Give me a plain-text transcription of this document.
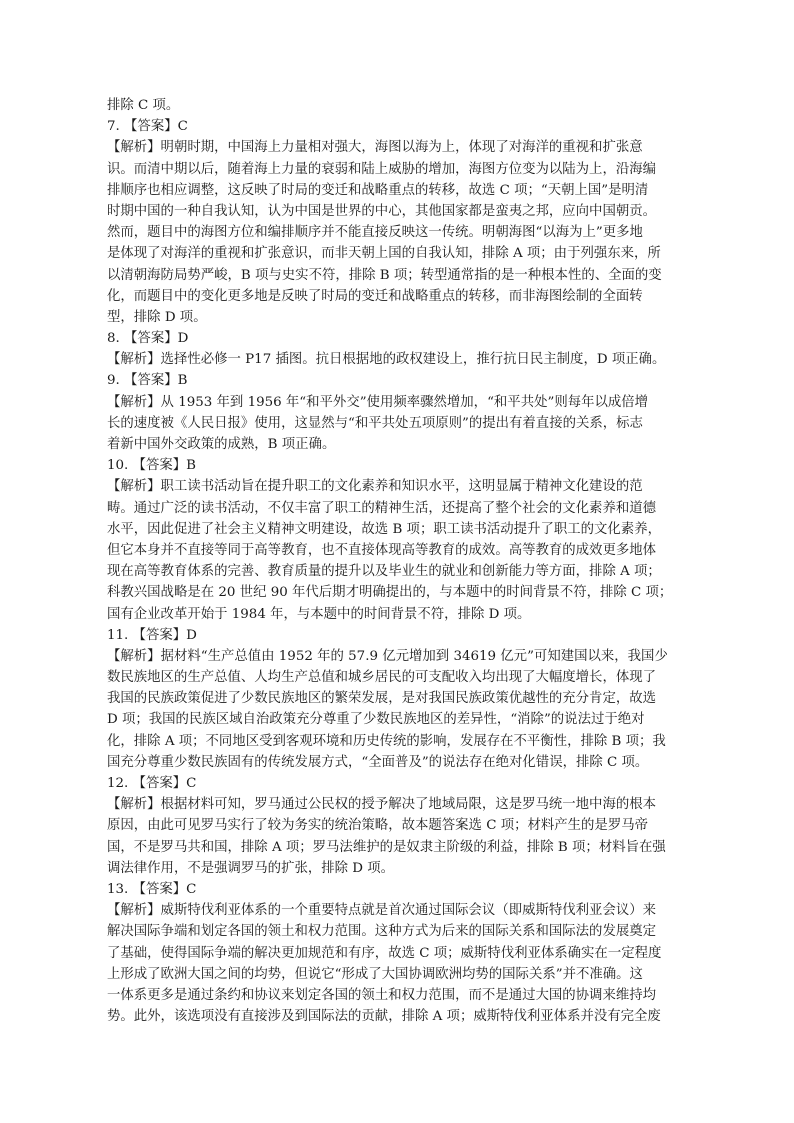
排除 C 项。
7. 【答案】C
【解析】明朝时期，中国海上力量相对强大，海图以海为上，体现了对海洋的重视和扩张意
识。而清中期以后，随着海上力量的衰弱和陆上威胁的增加，海图方位变为以陆为上，沿海编
排顺序也相应调整，这反映了时局的变迁和战略重点的转移，故选 C 项；“天朝上国”是明清
时期中国的一种自我认知，认为中国是世界的中心，其他国家都是蛮夷之邦，应向中国朝贡。
然而，题目中的海图方位和编排顺序并不能直接反映这一传统。明朝海图“以海为上”更多地
是体现了对海洋的重视和扩张意识，而非天朝上国的自我认知，排除 A 项；由于列强东来，所
以清朝海防局势严峻，B 项与史实不符，排除 B 项；转型通常指的是一种根本性的、全面的变
化，而题目中的变化更多地是反映了时局的变迁和战略重点的转移，而非海图绘制的全面转
型，排除 D 项。
8. 【答案】D
【解析】选择性必修一 P17 插图。抗日根据地的政权建设上，推行抗日民主制度，D 项正确。
9. 【答案】B
【解析】从 1953 年到 1956 年“和平外交”使用频率骤然增加，“和平共处”则每年以成倍增
长的速度被《人民日报》使用，这显然与“和平共处五项原则”的提出有着直接的关系，标志
着新中国外交政策的成熟，B 项正确。
10. 【答案】B
【解析】职工读书活动旨在提升职工的文化素养和知识水平，这明显属于精神文化建设的范
畴。通过广泛的读书活动，不仅丰富了职工的精神生活，还提高了整个社会的文化素养和道德
水平，因此促进了社会主义精神文明建设，故选 B 项；职工读书活动提升了职工的文化素养，
但它本身并不直接等同于高等教育，也不直接体现高等教育的成效。高等教育的成效更多地体
现在高等教育体系的完善、教育质量的提升以及毕业生的就业和创新能力等方面，排除 A 项；
科教兴国战略是在 20 世纪 90 年代后期才明确提出的，与本题中的时间背景不符，排除 C 项；
国有企业改革开始于 1984 年，与本题中的时间背景不符，排除 D 项。
11. 【答案】D
【解析】据材料“生产总值由 1952 年的 57.9 亿元增加到 34619 亿元”可知建国以来，我国少
数民族地区的生产总值、人均生产总值和城乡居民的可支配收入均出现了大幅度增长，体现了
我国的民族政策促进了少数民族地区的繁荣发展，是对我国民族政策优越性的充分肯定，故选
D 项；我国的民族区域自治政策充分尊重了少数民族地区的差异性，“消除”的说法过于绝对
化，排除 A 项；不同地区受到客观环境和历史传统的影响，发展存在不平衡性，排除 B 项；我
国充分尊重少数民族固有的传统发展方式，“全面普及”的说法存在绝对化错误，排除 C 项。
12. 【答案】C
【解析】根据材料可知，罗马通过公民权的授予解决了地域局限，这是罗马统一地中海的根本
原因，由此可见罗马实行了较为务实的统治策略，故本题答案选 C 项；材料产生的是罗马帝
国，不是罗马共和国，排除 A 项；罗马法维护的是奴隶主阶级的利益，排除 B 项；材料旨在强
调法律作用，不是强调罗马的扩张，排除 D 项。
13. 【答案】C
【解析】威斯特伐利亚体系的一个重要特点就是首次通过国际会议（即威斯特伐利亚会议）来
解决国际争端和划定各国的领土和权力范围。这种方式为后来的国际关系和国际法的发展奠定
了基础，使得国际争端的解决更加规范和有序，故选 C 项；威斯特伐利亚体系确实在一定程度
上形成了欧洲大国之间的均势，但说它“形成了大国协调欧洲均势的国际关系”并不准确。这
一体系更多是通过条约和协议来划定各国的领土和权力范围，而不是通过大国的协调来维持均
势。此外，该选项没有直接涉及到国际法的贡献，排除 A 项；威斯特伐利亚体系并没有完全废
